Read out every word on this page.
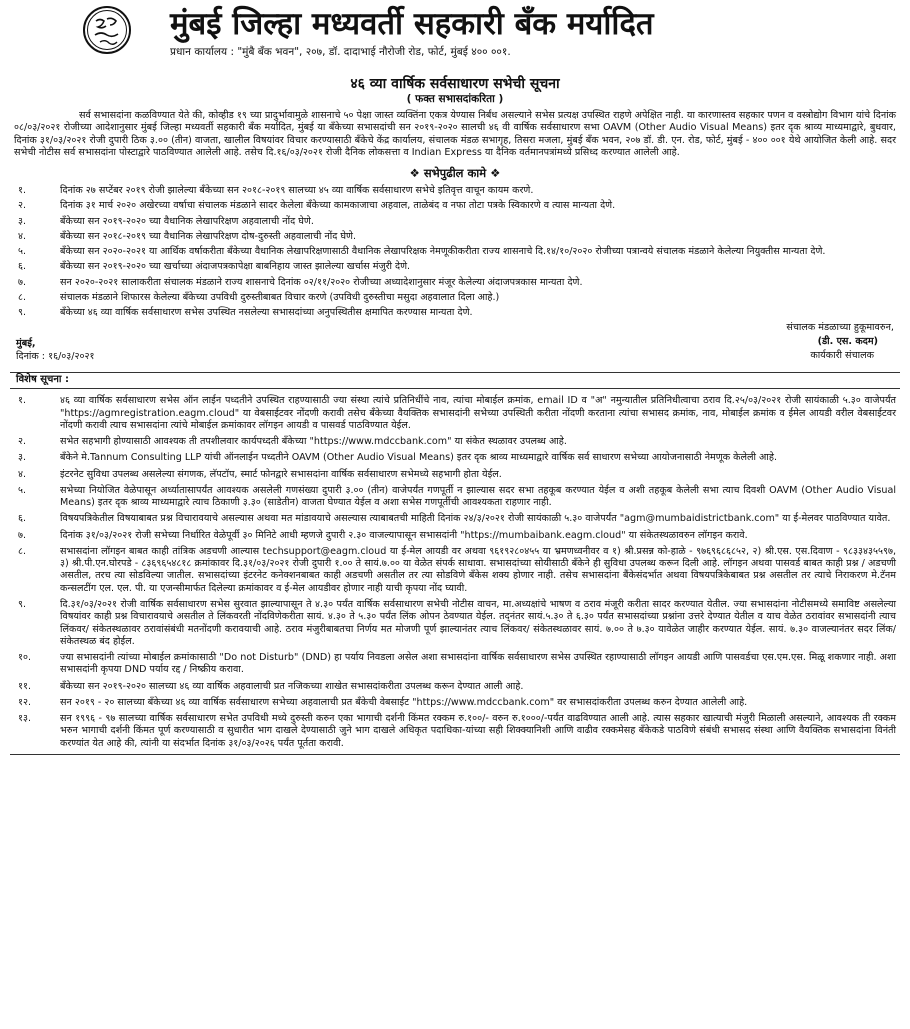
मुंबई जिल्हा मध्यवर्ती सहकारी बँक मर्यादित
प्रधान कार्यालय : "मुंबै बँक भवन", २०७, डॉ. दादाभाई नौरोजी रोड, फोर्ट, मुंबई ४०० ००१.
४६ व्या वार्षिक सर्वसाधारण सभेची सूचना
( फक्त सभासदांकरिता )
सर्व सभासदांना कळविण्यात येते की, कोव्हीड १९ च्या प्रादुर्भावामुळे शासनाचे ५० पेक्षा जास्त व्यक्तिंना एकत्र येण्यास निर्बंध असल्याने सभेस प्रत्यक्ष उपस्थित राहणे अपेक्षित नाही. या कारणास्तव सहकार पणन व वस्त्रोद्योग विभाग यांचे दिनांक ०८/०३/२०२१ रोजीच्या आदेशानुसार मुंबई जिल्हा मध्यवर्ती सहकारी बँक मर्यादित, मुंबई या बँकेच्या सभासदांची सन २०१९-२०२० सालची ४६ वी वार्षिक सर्वसाधारण सभा OAVM (Other Audio Visual Means) इतर दृक श्राव्य माध्यमाद्वारे, बुधवार, दिनांक ३१/०३/२०२१ रोजी दुपारी ठिक ३.०० (तीन) वाजता, खालील विषयांवर विचार करण्यासाठी बँकेचे केंद्र कार्यालय, संचालक मंडळ सभागृह, तिसरा मजला, मुंबई बँक भवन, २०७ डॉ. डी. एन. रोड, फोर्ट, मुंबई - ४०० ००१ येथे आयोजित केली आहे. सदर सभेची नोटीस सर्व सभासदांना पोस्टाद्वारे पाठविण्यात आलेली आहे. तसेच दि.१६/०३/२०२१ रोजी दैनिक लोकसत्ता व Indian Express या दैनिक वर्तमानपत्रांमध्ये प्रसिध्द करण्यात आलेली आहे.
❖ सभेपुढील कामे ❖
१.	दिनांक २७ सप्टेंबर २०१९ रोजी झालेल्या बँकेच्या सन २०१८-२०१९ सालच्या ४५ व्या वार्षिक सर्वसाधारण सभेचे इतिवृत्त वाचून कायम करणे.
२.	दिनांक ३१ मार्च २०२० अखेरच्या वर्षाचा संचालक मंडळाने सादर केलेला बँकेच्या कामकाजाचा अहवाल, ताळेबंद व नफा तोटा पत्रके स्विकारणे व त्यास मान्यता देणे.
३.	बँकेच्या सन २०१९-२०२० च्या वैधानिक लेखापरिक्षण अहवालाची नोंद घेणे.
४.	बँकेच्या सन २०१८-२०१९ च्या वैधानिक लेखापरिक्षण दोष-दुरुस्ती अहवालाची नोंद घेणे.
५.	बँकेच्या सन २०२०-२०२१ या आर्थिक वर्षाकरीता बँकेच्या वैधानिक लेखापरिक्षणासाठी वैधानिक लेखापरिक्षक नेमणूकीकरीता राज्य शासनाचे दि.१४/१०/२०२० रोजीच्या पत्रान्वये संचालक मंडळाने केलेल्या नियुक्तीस मान्यता देणे.
६.	बँकेच्या सन २०१९-२०२० च्या खर्चाच्या अंदाजपत्रकापेक्षा बाबनिहाय जास्त झालेल्या खर्चास मंजुरी देणे.
७.	सन २०२०-२०२१ सालाकरीता संचालक मंडळाने राज्य शासनाचे दिनांक ०२/११/२०२० रोजीच्या अध्यादेशानुसार मंजूर केलेल्या अंदाजपत्रकास मान्यता देणे.
८.	संचालक मंडळाने शिफारस केलेल्या बँकेच्या उपविधी दुरुस्तीबाबत विचार करणे (उपविधी दुरुस्तीचा मसुदा अहवालात दिला आहे.)
९.	बँकेच्या ४६ व्या वार्षिक सर्वसाधारण सभेस उपस्थित नसलेल्या सभासदांच्या अनुपस्थितीस क्षमापित करण्यास मान्यता देणे.
संचालक मंडळाच्या हुकूमावरुन,
(डी. एस. कदम)
कार्यकारी संचालक
मुंबई,
दिनांक : १६/०३/२०२१
विशेष सूचना :
१.	४६ व्या वार्षिक सर्वसाधारण सभेस ऑन लाईन पध्दतीने उपस्थित राहण्यासाठी ज्या संस्था त्यांचे प्रतिनिधींचे नाव, त्यांचा मोबाईल क्रमांक, email ID व "अ" नमुन्यातील प्रतिनिधीत्वाचा ठराव दि.२५/०३/२०२१ रोजी सायंकाळी ५.३० वाजेपर्यंत "https://agmregistration.eagm.cloud" या वेबसाईटवर नोंदणी करावी तसेच बँकेच्या वैयक्तिक सभासदांनी सभेच्या उपस्थिती करीता नोंदणी करताना त्यांचा सभासद क्रमांक, नाव, मोबाईल क्रमांक व ईमेल आयडी वरील वेबसाईटवर नोंदणी करावी त्याच सभासदांना त्यांचे मोबाईल क्रमांकावर लॉगइन आयडी व पासवर्ड पाठविण्यात येईल.
२.	सभेत सहभागी होण्यासाठी आवश्यक ती तपशीलवार कार्यपध्दती बँकेच्या "https://www.mdccbank.com" या संकेत स्थळावर उपलब्ध आहे.
३.	बँकेने मे.Tannum Consulting LLP यांची ऑनलाईन पध्दतीने OAVM (Other Audio Visual Means) इतर दृक श्राव्य माध्यमाद्वारे वार्षिक सर्व साधारण सभेच्या आयोजनासाठी नेमणूक केलेली आहे.
४.	इंटरनेट सुविधा उपलब्ध असलेल्या संगणक, लॅपटॉप, स्मार्ट फोनद्वारे सभासदांना वार्षिक सर्वसाधारण सभेमध्ये सहभागी होता येईल.
५.	सभेच्या नियोजित वेळेपासून अर्ध्यातासापर्यंत आवश्यक असलेली गणसंख्या दुपारी ३.०० (तीन) वाजेपर्यंत गणपूर्ती न झाल्यास सदर सभा तहकूब करण्यात येईल व अशी तहकूब केलेली सभा त्याच दिवशी OAVM (Other Audio Visual Means) इतर दृक श्राव्य माध्यमाद्वारे त्याच ठिकाणी ३.३० (साडेतीन) वाजता घेण्यात येईल व अशा सभेस गणपूर्तीची आवश्यकता राहणार नाही.
६.	विषयपत्रिकेतील विषयाबाबत प्रश्न विचारावयाचे असल्यास अथवा मत मांडावयाचे असल्यास त्याबाबतची माहिती दिनांक २४/३/२०२१ रोजी सायंकाळी ५.३० वाजेपर्यंत "agm@mumbaidistrictbank.com" या ई-मेलवर पाठविण्यात यावेत.
७.	दिनांक ३१/०३/२०२१ रोजी सभेच्या निर्धारित वेळेपूर्वी ३० मिनिटे आधी म्हणजे दुपारी २.३० वाजल्यापासून सभासदांनी "https://mumbaibank.eagm.cloud" या संकेतस्थळावरुन लॉगइन करावे.
८.	सभासदांना लॉगइन बाबत काही तांत्रिक अडचणी आल्यास techsupport@eagm.cloud या ई-मेल आयडी वर अथवा ९६१९२८०४५५ या भ्रमणध्वनीवर व १) श्री.प्रसन्न को-हाळे - ९७६९६८६८५२, २) श्री.एस. एस.दिवाण - ९८३३४३५५९७, ३) श्री.पी.एन.घोरपडे - ८३६९६५४८१८ क्रमांकावर दि.३१/०३/२०२१ रोजी दुपारी १.०० ते सायं.७.०० या वेळेत संपर्क साधावा. सभासदांच्या सोयीसाठी बँकेने ही सुविधा उपलब्ध करून दिली आहे. लॉगइन अथवा पासवर्ड बाबत काही प्रश्न / अडचणी असतील, तरच त्या सोडविल्या जातील. सभासदांच्या इंटरनेट कनेक्शनबाबत काही अडचणी असतील तर त्या सोडविणे बँकेस शक्य होणार नाही. तसेच सभासदांना बैंकेसंदर्भात अथवा विषयपत्रिकेबाबत प्रश्न असतील तर त्याचे निराकरण मे.टॅनम कन्सलटींग एल. एल. पी. या एजन्सीमार्फत दिलेल्या क्रमांकावर व ई-मेल आयडीवर होणार नाही याची कृपया नोंद घ्यावी.
९.	दि.३१/०३/२०२१ रोजी वार्षिक सर्वसाधारण सभेस सुरवात झाल्यापासून ते ४.३० पर्यंत वार्षिक सर्वसाधारण सभेची नोटीस वाचन, मा.अध्यक्षांचे भाषण व ठराव मंजूरी करीता सादर करण्यात येतील. ज्या सभासदांना नोटीसमध्ये समाविष्ट असलेल्या विषयांवर काही प्रश्न विचारावयाचे असतील ते लिंकवरती नोंदविणेकरीता सायं. ४.३० ते ५.३० पर्यंत लिंक ओपन ठेवण्यात येईल. तद्नंतर सायं.५.३० ते ६.३० पर्यंत सभासदांच्या प्रश्नांना उत्तरे देण्यात येतील व याच वेळेत ठरावांवर सभासदांनी त्याच लिंकवर/ संकेतस्थळावर ठरावांसंबंधी मतनोंदणी करावयाची आहे. ठराव मंजुरीबाबतचा निर्णय मत मोजणी पूर्ण झाल्यानंतर त्याच लिंकवर/ संकेतस्थळावर सायं. ७.०० ते ७.३० यावेळेत जाहीर करण्यात येईल. सायं. ७.३० वाजल्यानंतर सदर लिंक/ संकेतस्थळ बंद होईल.
१०.	ज्या सभासदांनी त्यांच्या मोबाईल क्रमांकासाठी "Do not Disturb" (DND) हा पर्याय निवडला असेल अशा सभासदांना वार्षिक सर्वसाधारण सभेस उपस्थित रहाण्यासाठी लॉगइन आयडी आणि पासवर्डचा एस.एम.एस. मिळू शकणार नाही. अशा सभासदांनी कृपया DND पर्याय रद्द / निष्क्रीय करावा.
११.	बँकेच्या सन २०१९-२०२० सालच्या ४६ व्या वार्षिक अहवालाची प्रत नजिकच्या शाखेत सभासदांकरीता उपलब्ध करून देण्यात आली आहे.
१२.	सन २०१९ - २० सालच्या बँकेच्या ४६ व्या वार्षिक सर्वसाधारण सभेच्या अहवालाची प्रत बँकेची वेबसाईट "https://www.mdccbank.com" वर सभासदांकरीता उपलब्ध करुन देण्यात आलेली आहे.
१३.	सन १९९६ - ९७ सालच्या वार्षिक सर्वसाधारण सभेत उपविधी मध्ये दुरुस्ती करुन एका भागाची दर्शनी किंमत रक्कम रु.१००/- वरुन रु.१०००/-पर्यंत वाढविण्यात आली आहे. त्यास सहकार खात्याची मंजुरी मिळाली असल्याने, आवश्यक ती रक्कम भरुन भागाची दर्शनी किंमत पूर्ण करण्यासाठी व सुधारीत भाग दाखले देण्यासाठी जुने भाग दाखले अधिकृत पदाधिका-यांच्या सही शिक्क्यानिशी आणि वाढीव रक्कमेसह बँकेकडे पाठविणे संबंधी सभासद संस्था आणि वैयक्तिक सभासदांना विनंती करण्यांत येत आहे की, त्यांनी या संदर्भात दिनांक ३१/०३/२०२६ पर्यंत पूर्तता करावी.
